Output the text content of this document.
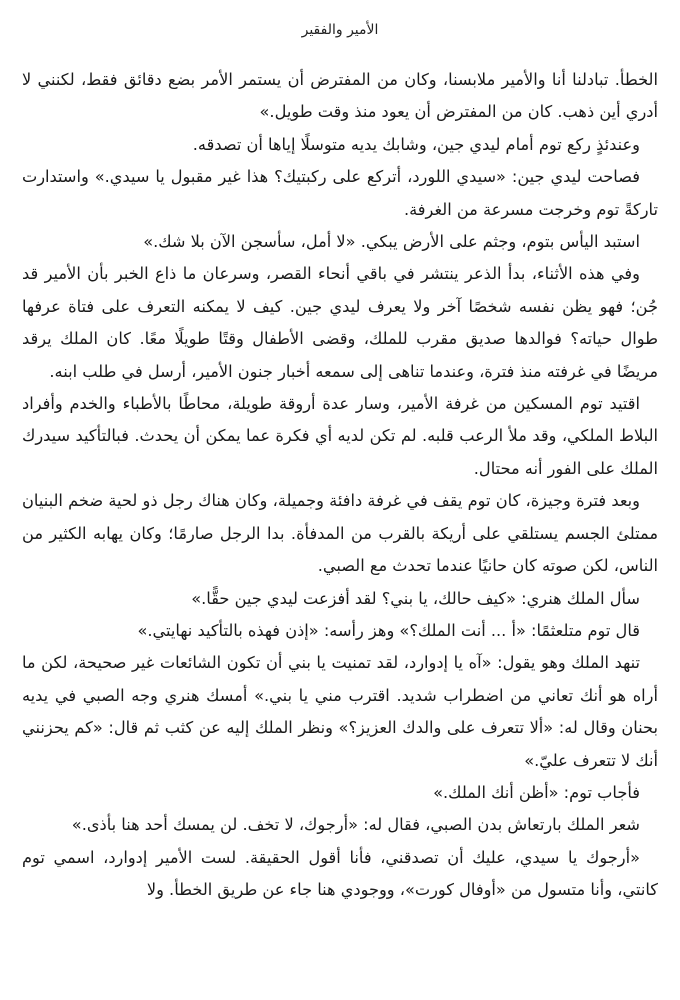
الأمير والفقير

الخطأ. تبادلنا أنا والأمير ملابسنا، وكان من المفترض أن يستمر الأمر بضع دقائق فقط، لكنني لا أدري أين ذهب. كان من المفترض أن يعود منذ وقت طويل.»

وعندئذٍ ركع توم أمام ليدي جين، وشابك يديه متوسلًا إياها أن تصدقه.

فصاحت ليدي جين: «سيدي اللورد، أتركع على ركبتيك؟ هذا غير مقبول يا سيدي.» واستدارت تاركةً توم وخرجت مسرعة من الغرفة.

استبد اليأس بتوم، وجثم على الأرض يبكي. «لا أمل، سأسجن الآن بلا شك.»

وفي هذه الأثناء، بدأ الذعر ينتشر في باقي أنحاء القصر، وسرعان ما ذاع الخبر بأن الأمير قد جُن؛ فهو يظن نفسه شخصًا آخر ولا يعرف ليدي جين. كيف لا يمكنه التعرف على فتاة عرفها طوال حياته؟ فوالدها صديق مقرب للملك، وقضى الأطفال وقتًا طويلًا معًا. كان الملك يرقد مريضًا في غرفته منذ فترة، وعندما تناهى إلى سمعه أخبار جنون الأمير، أرسل في طلب ابنه.

اقتيد توم المسكين من غرفة الأمير، وسار عدة أروقة طويلة، محاطًا بالأطباء والخدم وأفراد البلاط الملكي، وقد ملأ الرعب قلبه. لم تكن لديه أي فكرة عما يمكن أن يحدث. فبالتأكيد سيدرك الملك على الفور أنه محتال.

وبعد فترة وجيزة، كان توم يقف في غرفة دافئة وجميلة، وكان هناك رجل ذو لحية ضخم البنيان ممتلئ الجسم يستلقي على أريكة بالقرب من المدفأة. بدا الرجل صارمًا؛ وكان يهابه الكثير من الناس، لكن صوته كان حانيًا عندما تحدث مع الصبي.

سأل الملك هنري: «كيف حالك، يا بني؟ لقد أفزعت ليدي جين حقًّا.»

قال توم متلعثمًا: «أ ... أنت الملك؟» وهز رأسه: «إذن فهذه بالتأكيد نهايتي.»

تنهد الملك وهو يقول: «آه يا إدوارد، لقد تمنيت يا بني أن تكون الشائعات غير صحيحة، لكن ما أراه هو أنك تعاني من اضطراب شديد. اقترب مني يا بني.» أمسك هنري وجه الصبي في يديه بحنان وقال له: «ألا تتعرف على والدك العزيز؟» ونظر الملك إليه عن كثب ثم قال: «كم يحزنني أنك لا تتعرف عليّ.»

فأجاب توم: «أظن أنك الملك.»

شعر الملك بارتعاش بدن الصبي، فقال له: «أرجوك، لا تخف. لن يمسك أحد هنا بأذى.»

«أرجوك يا سيدي، عليك أن تصدقني، فأنا أقول الحقيقة. لست الأمير إدوارد، اسمي توم كانتي، وأنا متسول من «أوفال كورت»، ووجودي هنا جاء عن طريق الخطأ. ولا
